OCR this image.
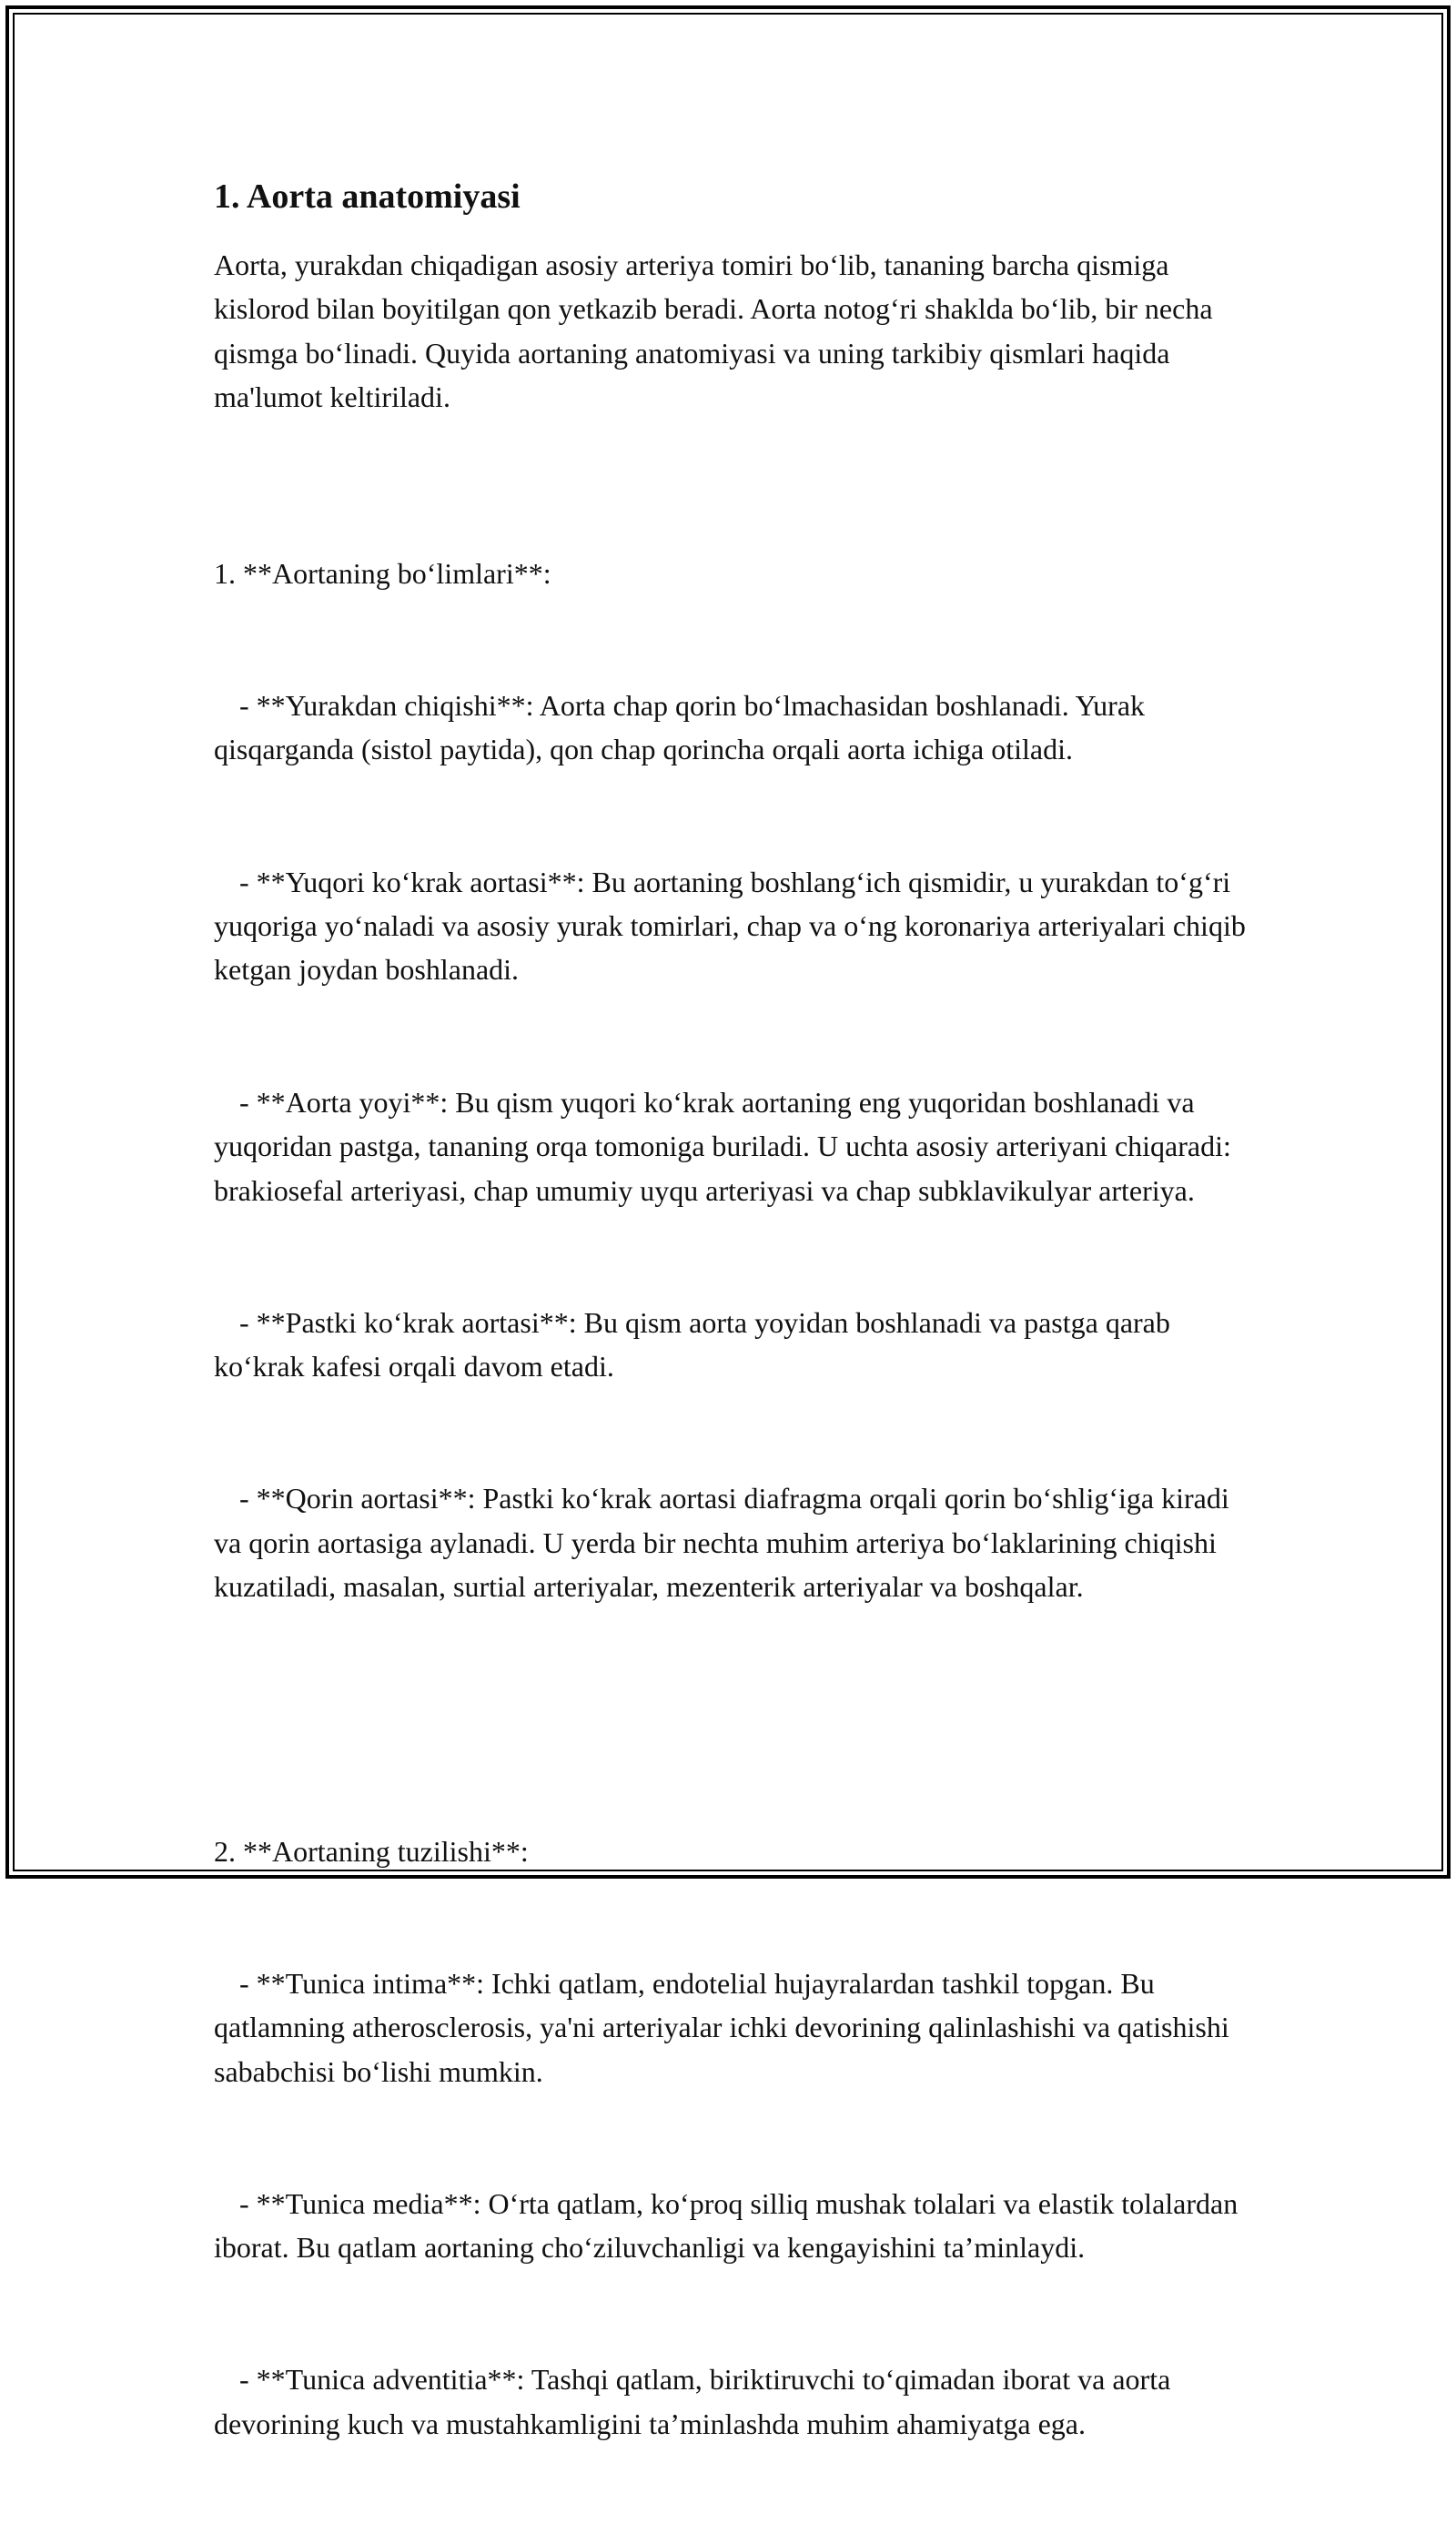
1. Aorta anatomiyasi

Aorta, yurakdan chiqadigan asosiy arteriya tomiri bo‘lib, tananing barcha qismiga kislorod bilan boyitilgan qon yetkazib beradi. Aorta notog‘ri shaklda bo‘lib, bir necha qismga bo‘linadi. Quyida aortaning anatomiyasi va uning tarkibiy qismlari haqida ma'lumot keltiriladi.

1. **Aortaning bo‘limlari**:

- **Yurakdan chiqishi**: Aorta chap qorin bo‘lmachasidan boshlanadi. Yurak qisqarganda (sistol paytida), qon chap qorincha orqali aorta ichiga otiladi.

- **Yuqori ko‘krak aortasi**: Bu aortaning boshlang‘ich qismidir, u yurakdan to‘g‘ri yuqoriga yo‘naladi va asosiy yurak tomirlari, chap va o‘ng koronariya arteriyalari chiqib ketgan joydan boshlanadi.

- **Aorta yoyi**: Bu qism yuqori ko‘krak aortaning eng yuqoridan boshlanadi va yuqoridan pastga, tananing orqa tomoniga buriladi. U uchta asosiy arteriyani chiqaradi: brakiosefal arteriyasi, chap umumiy uyqu arteriyasi va chap subklavikulyar arteriya.

- **Pastki ko‘krak aortasi**: Bu qism aorta yoyidan boshlanadi va pastga qarab ko‘krak kafesi orqali davom etadi.

- **Qorin aortasi**: Pastki ko‘krak aortasi diafragma orqali qorin bo‘shlig‘iga kiradi va qorin aortasiga aylanadi. U yerda bir nechta muhim arteriya bo‘laklarining chiqishi kuzatiladi, masalan, surtial arteriyalar, mezenterik arteriyalar va boshqalar.

2. **Aortaning tuzilishi**:

- **Tunica intima**: Ichki qatlam, endotelial hujayralardan tashkil topgan. Bu qatlamning atherosclerosis, ya'ni arteriyalar ichki devorining qalinlashishi va qatishishi sababchisi bo‘lishi mumkin.

- **Tunica media**: O‘rta qatlam, ko‘proq silliq mushak tolalari va elastik tolalardan iborat. Bu qatlam aortaning cho‘ziluvchanligi va kengayishini ta’minlaydi.

- **Tunica adventitia**: Tashqi qatlam, biriktiruvchi to‘qimadan iborat va aorta devorining kuch va mustahkamligini ta’minlashda muhim ahamiyatga ega.
